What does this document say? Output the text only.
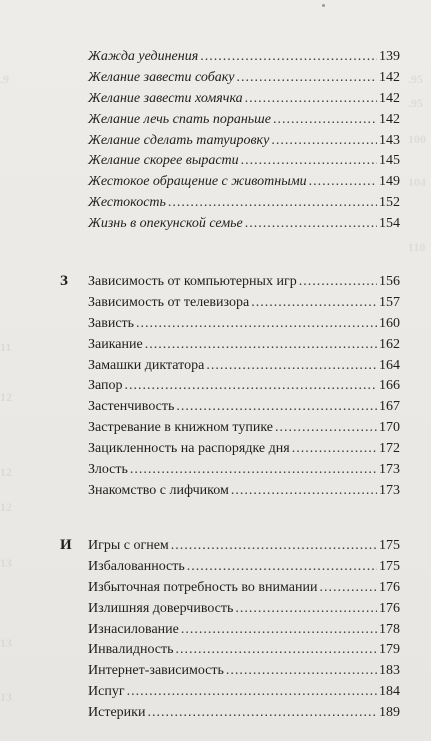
.9	.95
.95
100
104
110
11
12
12
12
13
13
13
Жажда уединения .....	139
Желание завести собаку .....	142
Желание завести хомячка .....	142
Желание лечь спать пораньше .....	142
Желание сделать татуировку .....	143
Желание скорее вырасти .....	145
Жестокое обращение с животными .....	149
Жестокость .....	152
Жизнь в опекунской семье .....	154
З Зависимость от компьютерных игр .....	156
Зависимость от телевизора .....	157
Зависть .....	160
Заикание .....	162
Замашки диктатора .....	164
Запор .....	166
Застенчивость .....	167
Застревание в книжном тупике .....	170
Зацикленность на распорядке дня .....	172
Злость .....	173
Знакомство с лифчиком .....	173
И Игры с огнем .....	175
Избалованность .....	175
Избыточная потребность во внимании .....	176
Излишняя доверчивость .....	176
Изнасилование .....	178
Инвалидность .....	179
Интернет-зависимость .....	183
Испуг .....	184
Истерики .....	189
